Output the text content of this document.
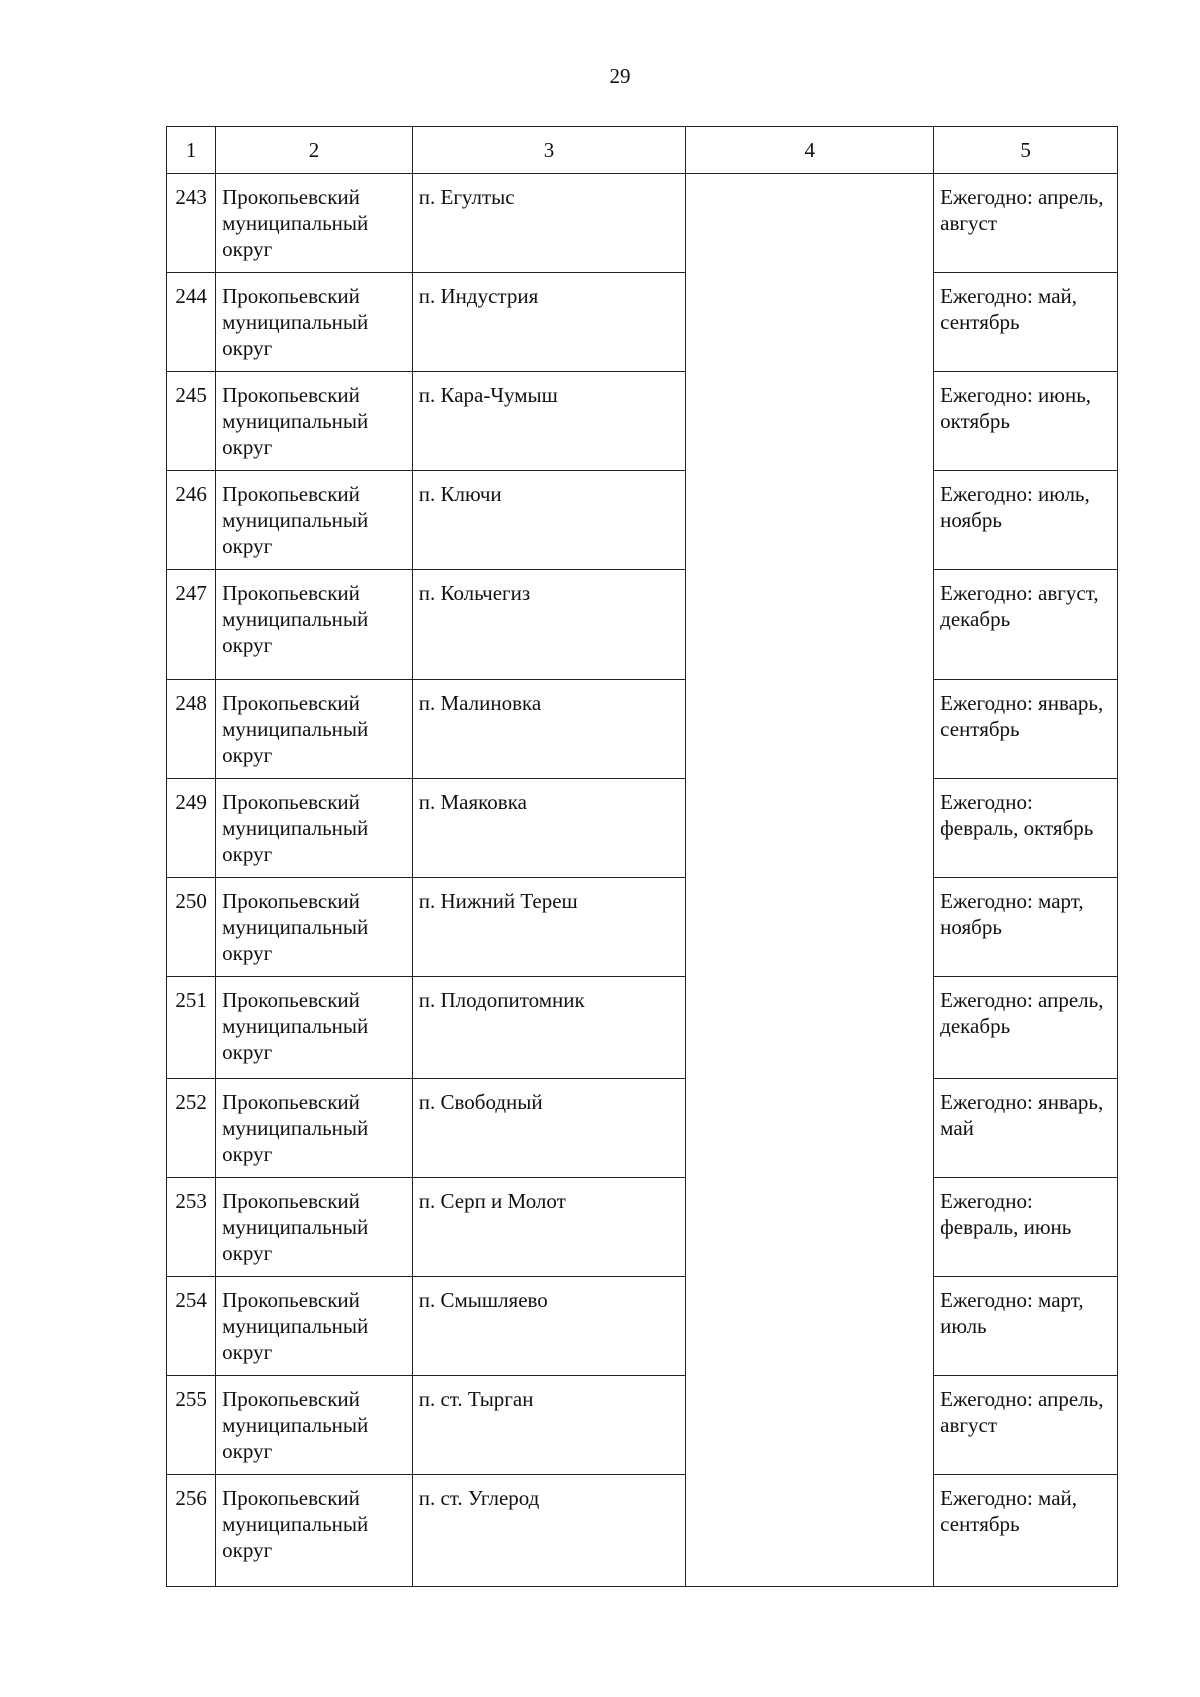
29
1	2	3	4	5
243	Прокопьевский муниципальный округ	п. Егултыс		Ежегодно: апрель, август
244	Прокопьевский муниципальный округ	п. Индустрия		Ежегодно: май, сентябрь
245	Прокопьевский муниципальный округ	п. Кара-Чумыш		Ежегодно: июнь, октябрь
246	Прокопьевский муниципальный округ	п. Ключи		Ежегодно: июль, ноябрь
247	Прокопьевский муниципальный округ	п. Кольчегиз		Ежегодно: август, декабрь
248	Прокопьевский муниципальный округ	п. Малиновка		Ежегодно: январь, сентябрь
249	Прокопьевский муниципальный округ	п. Маяковка		Ежегодно: февраль, октябрь
250	Прокопьевский муниципальный округ	п. Нижний Тереш		Ежегодно: март, ноябрь
251	Прокопьевский муниципальный округ	п. Плодопитомник		Ежегодно: апрель, декабрь
252	Прокопьевский муниципальный округ	п. Свободный		Ежегодно: январь, май
253	Прокопьевский муниципальный округ	п. Серп и Молот		Ежегодно: февраль, июнь
254	Прокопьевский муниципальный округ	п. Смышляево		Ежегодно: март, июль
255	Прокопьевский муниципальный округ	п. ст. Тырган		Ежегодно: апрель, август
256	Прокопьевский муниципальный округ	п. ст. Углерод		Ежегодно: май, сентябрь
